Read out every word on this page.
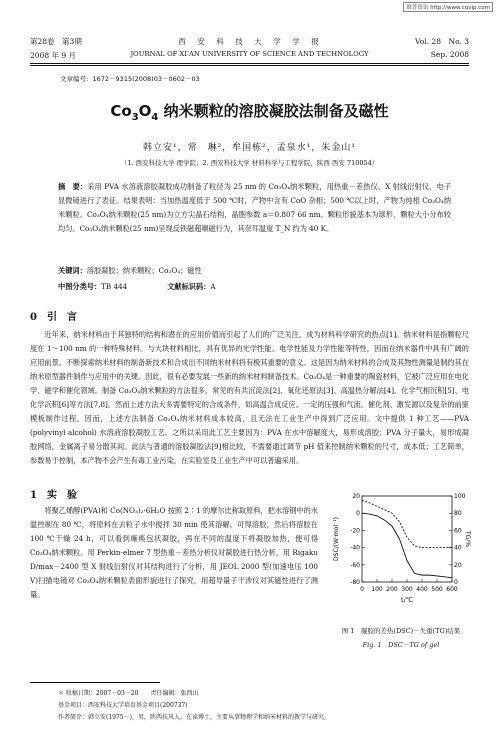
维普资讯 http://www.cqvip.com
第28卷　第3期	西　安　科　技　大　学　学　报	Vol. 28　No. 3
2008 年 9 月	JOURNAL OF XI'AN UNIVERSITY OF SCIENCE AND TECHNOLOGY	Sep. 2008
文章编号：1672－9315(2008)03－0602－03
$Co_3O_4$ 纳米颗粒的溶胶凝胶法制备及磁性
韩立安¹，常　琳²，牟国栋²，孟泉水¹，朱金山¹
（1. 西安科技大学 理学院；2. 西安科技大学 材料科学与工程学院，陕西 西安 710054）
摘　要：采用 PVA 水溶液溶胶凝胶成功制备了粒径为 25 nm 的 Co₃O₄纳米颗粒，用热重－差热仪、X 射线衍射仪、电子显微镜进行了表征。结果表明：当加热温度低于 500 ℃时，产物中含有 CoO 杂相；500 ℃以上时，产物为纯相 Co₃O₄纳米颗粒。Co₃O₄纳米颗粒(25 nm)为立方尖晶石结构，晶胞参数 a＝0.807 66 nm。颗粒形貌基本为球形，颗粒大小分布较均匀。Co₃O₄纳米颗粒(25 nm)呈现反铁磁超顺磁行为，其奈耳温度 T_N 约为 40 K。
关键词：溶胶凝胶；纳米颗粒；Co₃O₄；磁性
中图分类号：TB 444	文献标识码：A
0　引　言
近年来，纳米材料由于其独特的结构和潜在的应用价值而引起了人们的广泛关注，成为材料科学研究的热点[1]。纳米材料是指颗粒尺度在 1～100 nm 的一种特殊材料。与大块材料相比，具有优异的光学性能、电学性能及力学性能等特性，因而在纳米器件中具有广阔的应用前景。不断探索纳米材料的制备新技术和合成出不同纳米材料将有极其重要的意义。这是因为纳米材料的合成及其物性测量是制约其在纳米原型器件制作与应用中的关键。因此，很有必要发展一些新的纳米材料制备技术。Co₃O₄是一种重要的陶瓷材料，它被广泛应用在电化学、磁学和催化领域。制备 Co₃O₄纳米颗粒的方法很多，常见的有共沉淀法[2]、氧化还原法[3]、高温热分解法[4]、化学气相沉积[5]、电化学沉积[6]等方法[7,8]。然而上述方法大多需要特定的合成条件，如高温合成反应、一定的压强和气流、催化剂、激发源以及复杂的前驱模板制作过程，因而，上述方法制备 Co₃O₄纳米材料成本较高，且无法在工业生产中得到广泛应用。文中提供 1 种工艺——PVA (polyvinyl alcohol) 水溶液溶胶凝胶工艺。之所以采用此工艺主要因为：PVA 在水中溶解度大，易形成溶胶；PVA 分子量大，易形成凝胶网络，金属离子易分散其间。此法与普通的溶胶凝胶法[9]相比较，不需要通过调节 pH 值来控制纳米颗粒的尺寸，成本低；工艺简单，参数易于控制，本产物不会产生有毒工业污染，在实验室及工业生产中可以普遍采用。
1　实　验
将聚乙烯醇(PVA)和 Co(NO₃)₂·6H₂O 按照 2∶1 的摩尔比称取原料，把水溶钢中的水温控制在 80 ℃，将原料在去粒子水中搅拌 30 min 使其溶解，可得溶胶，然后将溶胶在 100 ℃干燥 24 h，可以看到瘫痪包状凝胶，再在不同的温度下将凝胶加热，便可得 Co₃O₄纳米颗粒。用 Perkin-elmer 7 型热重－差热分析仪对凝胶进行热分析，用 Rigaku D/max－2400 型 X 射线衍射仪对其结构进行了分析，用 JEOL 2000 型(加速电压 100 V)扫描电镜对 Co₃O₄纳米颗粒表面形貌进行了探究，用超导量子干涉仪对其磁性进行了测量。
0 100 200 300 400 500 600
20
0
-20
-40
-60
-80
100
80
60
40
20
0
t/℃
DSC/(W·mol⁻¹)	TG/%
图 1　凝胶的差热(DSC)－失重(TG)结果
Fig. 1　DSC－TG of gel
＊ 收稿日期：2007－03－20　　责任编辑：张西山
基金项目：西安科技大学培育基金项目(200737)
作者简介：韩立安(1975－)，男，陕西扶风人，在读博士，主要从事物理学和纳米材料的教学与研究。
